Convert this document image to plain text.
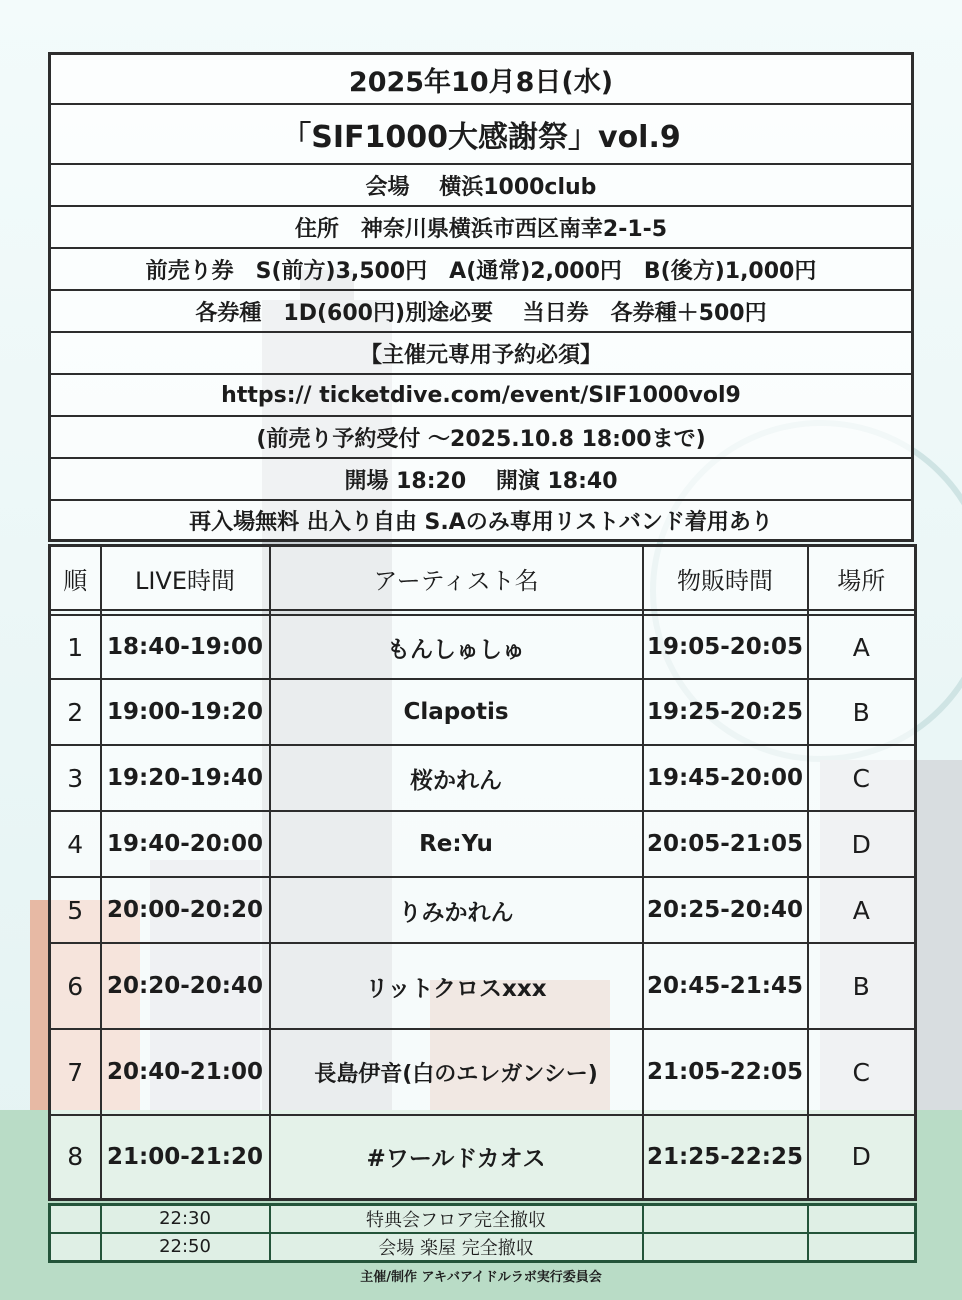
2025年10月8日(水)
「SIF1000大感謝祭」vol.9
会場　 横浜1000club
住所　神奈川県横浜市西区南幸2-1-5
前売り券　S(前方)3,500円　A(通常)2,000円　B(後方)1,000円
各券種　1D(600円)別途必要　 当日券　各券種＋500円
【主催元専用予約必須】
https:// ticketdive.com/event/SIF1000vol9
(前売り予約受付 〜2025.10.8 18:00まで)
開場 18:20　 開演 18:40
再入場無料 出入り自由 S.Aのみ専用リストバンド着用あり
順	LIVE時間	アーティスト名	物販時間	場所

1	18:40-19:00	もんしゅしゅ	19:05-20:05	A
2	19:00-19:20	Clapotis	19:25-20:25	B
3	19:20-19:40	桜かれん	19:45-20:00	C
4	19:40-20:00	Re:Yu	20:05-21:05	D
5	20:00-20:20	りみかれん	20:25-20:40	A
6	20:20-20:40	リットクロスxxx	20:45-21:45	B
7	20:40-21:00	長島伊音(白のエレガンシー)	21:05-22:05	C
8	21:00-21:20	#ワールドカオス	21:25-22:25	D
	22:30	特典会フロア完全撤収		
	22:50	会場 楽屋 完全撤収		
主催/制作 アキバアイドルラボ実行委員会
